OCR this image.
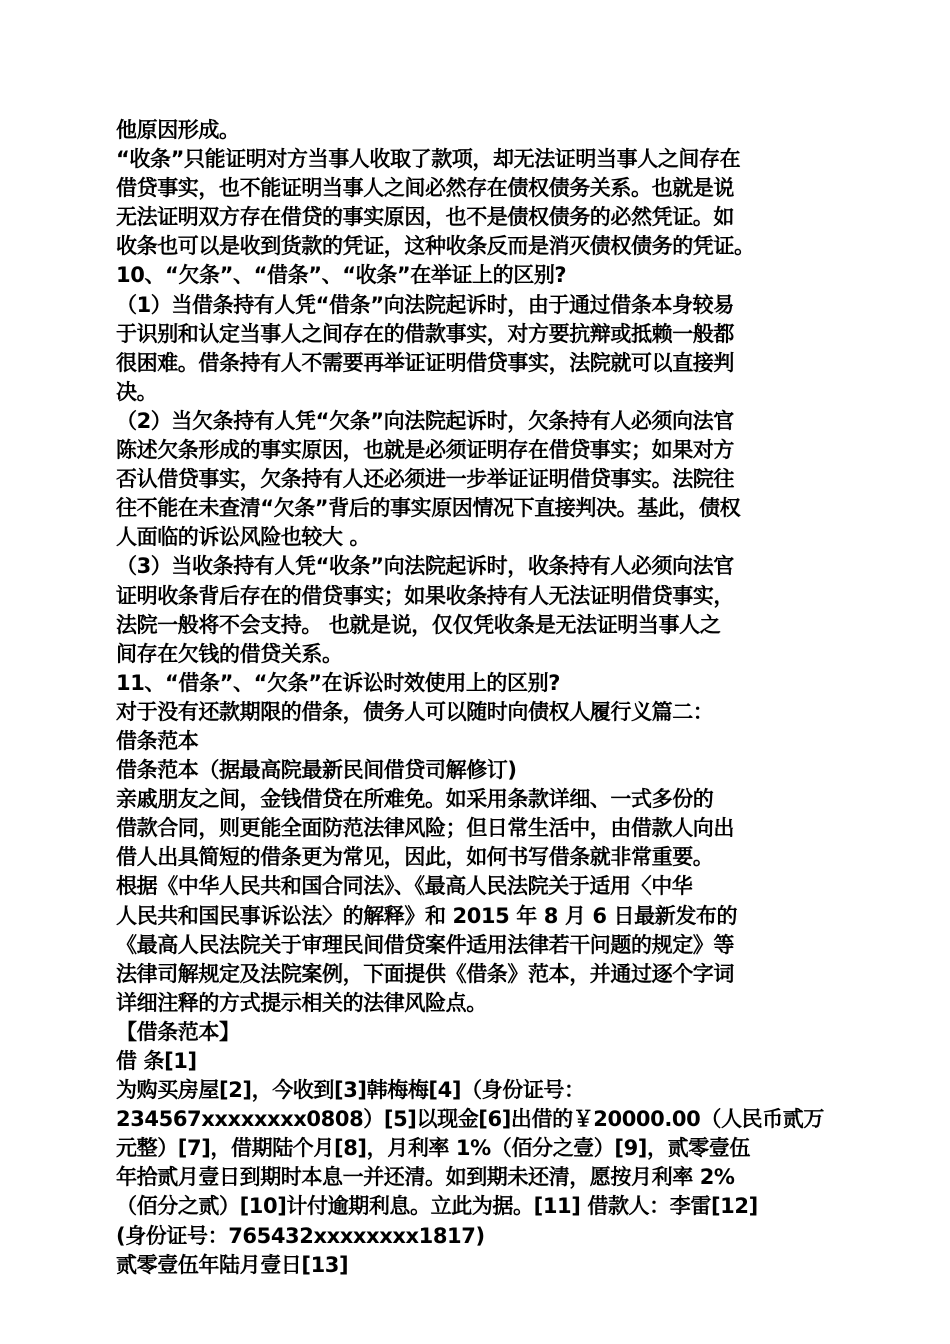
他原因形成。
“收条”只能证明对方当事人收取了款项，却无法证明当事人之间存在
借贷事实，也不能证明当事人之间必然存在债权债务关系。也就是说
无法证明双方存在借贷的事实原因，也不是债权债务的必然凭证。如
收条也可以是收到货款的凭证，这种收条反而是消灭债权债务的凭证。
10、“欠条”、“借条”、“收条”在举证上的区别?
（1）当借条持有人凭“借条”向法院起诉时，由于通过借条本身较易
于识别和认定当事人之间存在的借款事实，对方要抗辩或抵赖一般都
很困难。借条持有人不需要再举证证明借贷事实，法院就可以直接判
决。
（2）当欠条持有人凭“欠条”向法院起诉时，欠条持有人必须向法官
陈述欠条形成的事实原因，也就是必须证明存在借贷事实；如果对方
否认借贷事实，欠条持有人还必须进一步举证证明借贷事实。法院往
往不能在未查清“欠条”背后的事实原因情况下直接判决。基此，债权
人面临的诉讼风险也较大 。
（3）当收条持有人凭“收条”向法院起诉时，收条持有人必须向法官
证明收条背后存在的借贷事实；如果收条持有人无法证明借贷事实，
法院一般将不会支持。 也就是说，仅仅凭收条是无法证明当事人之
间存在欠钱的借贷关系。
11、“借条”、“欠条”在诉讼时效使用上的区别?
对于没有还款期限的借条，债务人可以随时向债权人履行义篇二：
借条范本
借条范本（据最高院最新民间借贷司解修订)
亲戚朋友之间，金钱借贷在所难免。如采用条款详细、一式多份的
借款合同，则更能全面防范法律风险；但日常生活中，由借款人向出
借人出具简短的借条更为常见，因此，如何书写借条就非常重要。
根据《中华人民共和国合同法》、《最高人民法院关于适用〈中华
人民共和国民事诉讼法〉的解释》和 2015 年 8 月 6 日最新发布的
《最高人民法院关于审理民间借贷案件适用法律若干问题的规定》等
法律司解规定及法院案例，下面提供《借条》范本，并通过逐个字词
详细注释的方式提示相关的法律风险点。
【借条范本】
借 条[1]
为购买房屋[2]，今收到[3]韩梅梅[4]（身份证号：
234567xxxxxxxx0808）[5]以现金[6]出借的￥20000.00（人民币贰万
元整）[7]，借期陆个月[8]，月利率 1%（佰分之壹）[9]，贰零壹伍
年拾贰月壹日到期时本息一并还清。如到期未还清，愿按月利率 2%
（佰分之贰）[10]计付逾期利息。立此为据。[11] 借款人：李雷[12]
(身份证号：765432xxxxxxxx1817)
贰零壹伍年陆月壹日[13]
